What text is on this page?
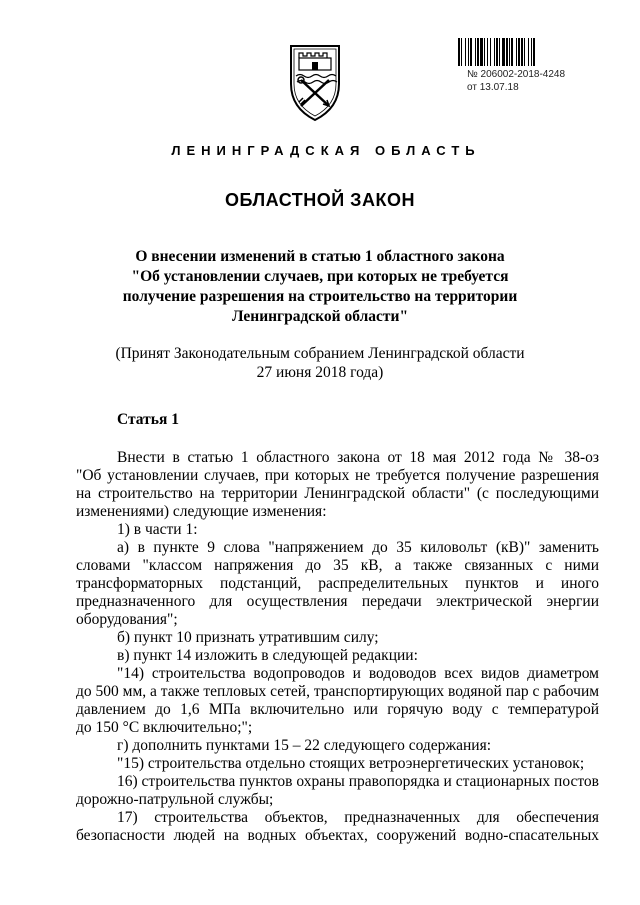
№ 206002-2018-4248
от 13.07.18
ЛЕНИНГРАДСКАЯ ОБЛАСТЬ
ОБЛАСТНОЙ ЗАКОН
О внесении изменений в статью 1 областного закона
"Об установлении случаев, при которых не требуется
получение разрешения на строительство на территории
Ленинградской области"
(Принят Законодательным собранием Ленинградской области
27 июня 2018 года)
Статья 1
Внести в статью 1 областного закона от 18 мая 2012 года № 38-оз
"Об установлении случаев, при которых не требуется получение разрешения
на строительство на территории Ленинградской области" (с последующими
изменениями) следующие изменения:
1) в части 1:
а) в пункте 9 слова "напряжением до 35 киловольт (кВ)" заменить
словами "классом напряжения до 35 кВ, а также связанных с ними
трансформаторных подстанций, распределительных пунктов и иного
предназначенного для осуществления передачи электрической энергии
оборудования";
б) пункт 10 признать утратившим силу;
в) пункт 14 изложить в следующей редакции:
"14) строительства водопроводов и водоводов всех видов диаметром
до 500 мм, а также тепловых сетей, транспортирующих водяной пар с рабочим
давлением до 1,6 МПа включительно или горячую воду с температурой
до 150 °С включительно;";
г) дополнить пунктами 15 – 22 следующего содержания:
"15) строительства отдельно стоящих ветроэнергетических установок;
16) строительства пунктов охраны правопорядка и стационарных постов
дорожно-патрульной службы;
17) строительства объектов, предназначенных для обеспечения
безопасности людей на водных объектах, сооружений водно-спасательных
